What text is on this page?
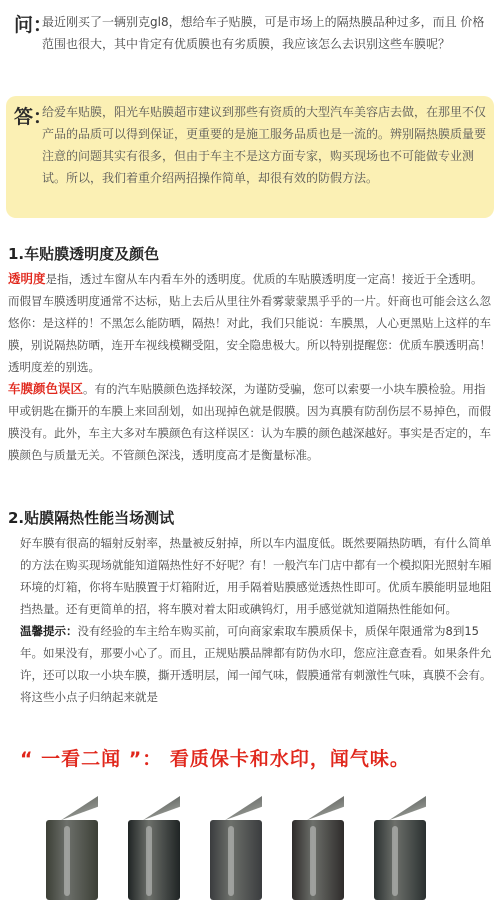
问：
最近刚买了一辆别克gl8，想给车子贴膜，可是市场上的隔热膜品种过多，而且 价格范围也很大，其中肯定有优质膜也有劣质膜，我应该怎么去识别这些车膜呢？
答：
给爱车贴膜，阳光车贴膜超市建议到那些有资质的大型汽车美容店去做，在那里不仅产品的品质可以得到保证，更重要的是施工服务品质也是一流的。辨别隔热膜质量要注意的问题其实有很多，但由于车主不是这方面专家，购买现场也不可能做专业测试。所以，我们着重介绍两招操作简单，却很有效的防假方法。
1.车贴膜透明度及颜色

透明度是指，透过车窗从车内看车外的透明度。优质的车贴膜透明度一定高！接近于全透明。而假冒车膜透明度通常不达标，贴上去后从里往外看雾蒙蒙黑乎乎的一片。奸商也可能会这么忽悠你：是这样的！不黑怎么能防晒，隔热！对此，我们只能说：车膜黑，人心更黑贴上这样的车膜，别说隔热防晒，连开车视线模糊受阻，安全隐患极大。所以特别提醒您：优质车膜透明高！透明度差的别选。

车膜颜色误区。有的汽车贴膜颜色选择较深，为谨防受骗，您可以索要一小块车膜检验。用指甲或钥匙在撕开的车膜上来回刮划，如出现掉色就是假膜。因为真膜有防刮伤层不易掉色，而假膜没有。此外，车主大多对车膜颜色有这样误区：认为车膜的颜色越深越好。事实是否定的，车膜颜色与质量无关。不管颜色深浅，透明度高才是衡量标准。

2.贴膜隔热性能当场测试

好车膜有很高的辐射反射率，热量被反射掉，所以车内温度低。既然要隔热防晒，有什么简单的方法在购买现场就能知道隔热性好不好呢？有！一般汽车门店中都有一个模拟阳光照射车厢环境的灯箱，你将车贴膜置于灯箱附近，用手隔着贴膜感觉透热性即可。优质车膜能明显地阻挡热量。还有更简单的招，将车膜对着太阳或碘钨灯，用手感觉就知道隔热性能如何。

温馨提示：没有经验的车主给车购买前，可向商家索取车膜质保卡，质保年限通常为8到15年。如果没有，那要小心了。而且，正规贴膜品牌都有防伪水印，您应注意查看。如果条件允许，还可以取一小块车膜，撕开透明层，闻一闻气味，假膜通常有刺激性气味，真膜不会有。将这些小点子归纳起来就是

“ 一看二闻 ”： 看质保卡和水印，闻气味。
